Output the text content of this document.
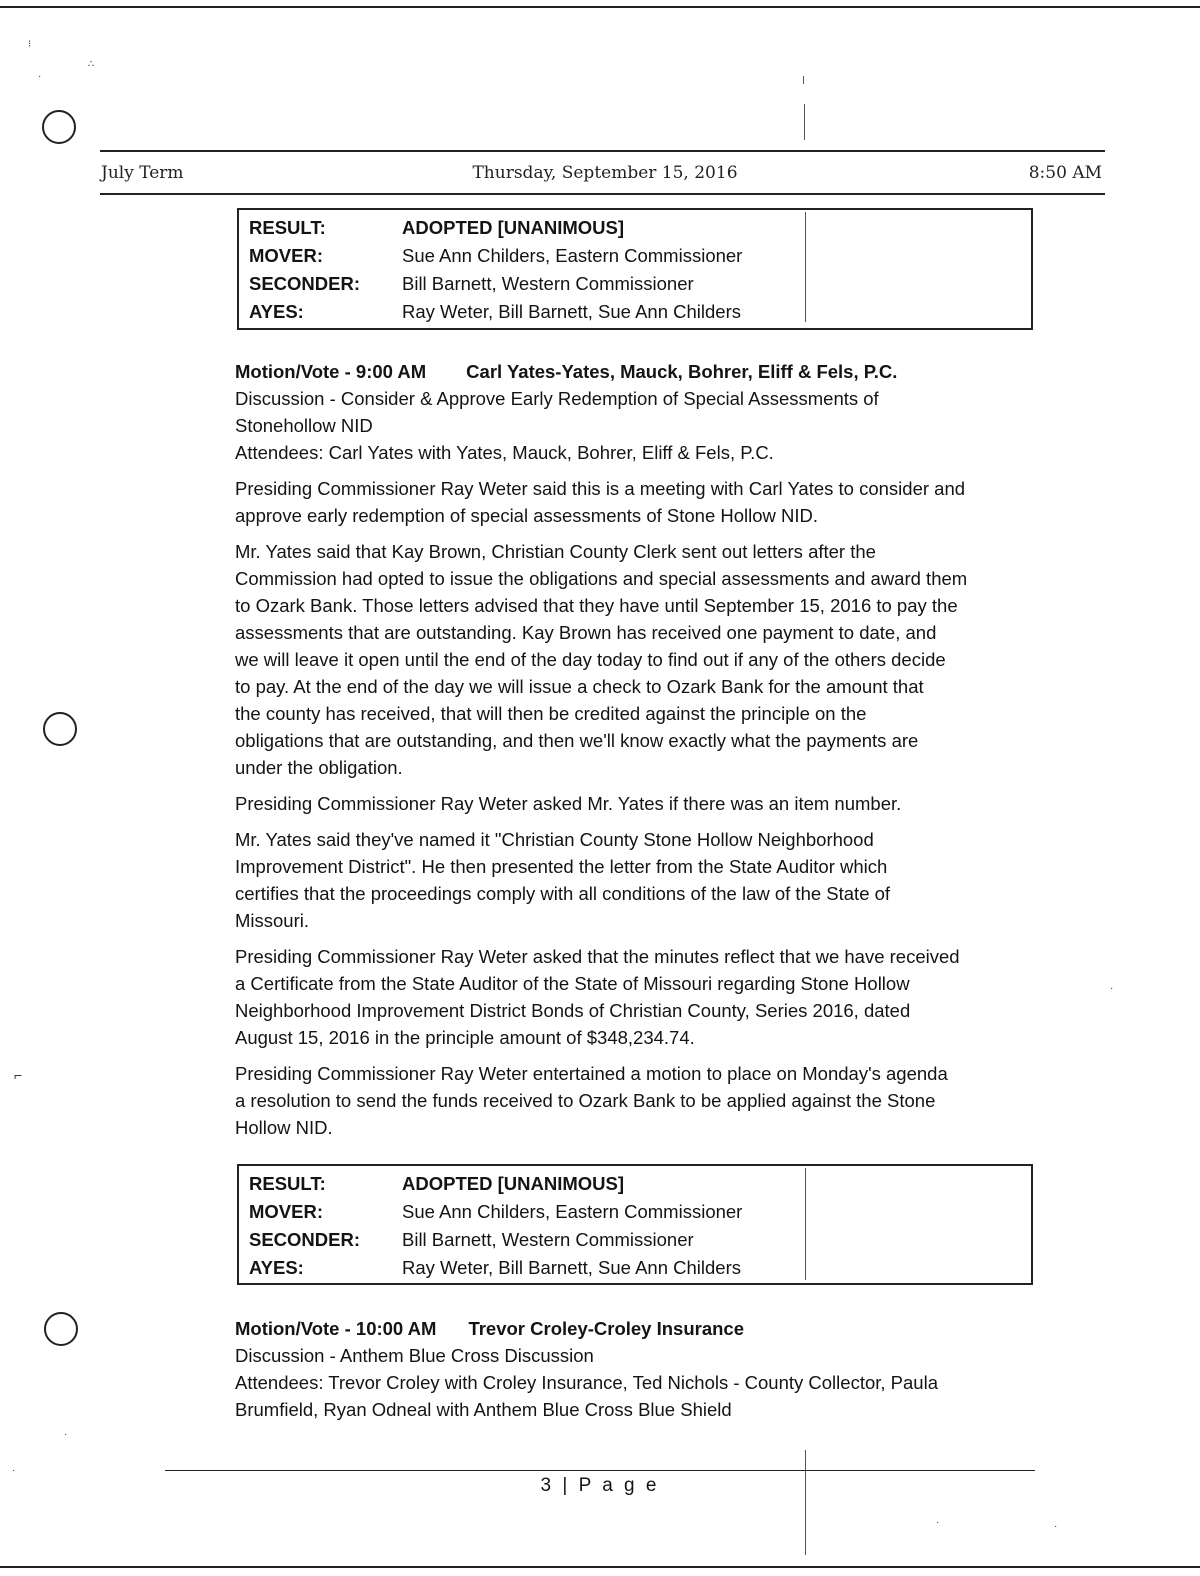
⁝
·
∴
⌐
·
·
·
·	·
July Term	Thursday, September 15, 2016	8:50 AM
RESULT:	ADOPTED [UNANIMOUS]
MOVER:	Sue Ann Childers, Eastern Commissioner
SECONDER:	Bill Barnett, Western Commissioner
AYES:	Ray Weter, Bill Barnett, Sue Ann Childers
Motion/Vote - 9:00 AM Carl Yates-Yates, Mauck, Bohrer, Eliff & Fels, P.C.
Discussion - Consider & Approve Early Redemption of Special Assessments of
Stonehollow NID
Attendees: Carl Yates with Yates, Mauck, Bohrer, Eliff & Fels, P.C.

Presiding Commissioner Ray Weter said this is a meeting with Carl Yates to consider and
approve early redemption of special assessments of Stone Hollow NID.

Mr. Yates said that Kay Brown, Christian County Clerk sent out letters after the
Commission had opted to issue the obligations and special assessments and award them
to Ozark Bank. Those letters advised that they have until September 15, 2016 to pay the
assessments that are outstanding. Kay Brown has received one payment to date, and
we will leave it open until the end of the day today to find out if any of the others decide
to pay. At the end of the day we will issue a check to Ozark Bank for the amount that
the county has received, that will then be credited against the principle on the
obligations that are outstanding, and then we'll know exactly what the payments are
under the obligation.

Presiding Commissioner Ray Weter asked Mr. Yates if there was an item number.

Mr. Yates said they've named it "Christian County Stone Hollow Neighborhood
Improvement District". He then presented the letter from the State Auditor which
certifies that the proceedings comply with all conditions of the law of the State of
Missouri.

Presiding Commissioner Ray Weter asked that the minutes reflect that we have received
a Certificate from the State Auditor of the State of Missouri regarding Stone Hollow
Neighborhood Improvement District Bonds of Christian County, Series 2016, dated
August 15, 2016 in the principle amount of $348,234.74.

Presiding Commissioner Ray Weter entertained a motion to place on Monday's agenda
a resolution to send the funds received to Ozark Bank to be applied against the Stone
Hollow NID.

RESULT:	ADOPTED [UNANIMOUS]
MOVER:	Sue Ann Childers, Eastern Commissioner
SECONDER:	Bill Barnett, Western Commissioner
AYES:	Ray Weter, Bill Barnett, Sue Ann Childers
Motion/Vote - 10:00 AM Trevor Croley-Croley Insurance
Discussion - Anthem Blue Cross Discussion
Attendees: Trevor Croley with Croley Insurance, Ted Nichols - County Collector, Paula
Brumfield, Ryan Odneal with Anthem Blue Cross Blue Shield
3 | P a g e
